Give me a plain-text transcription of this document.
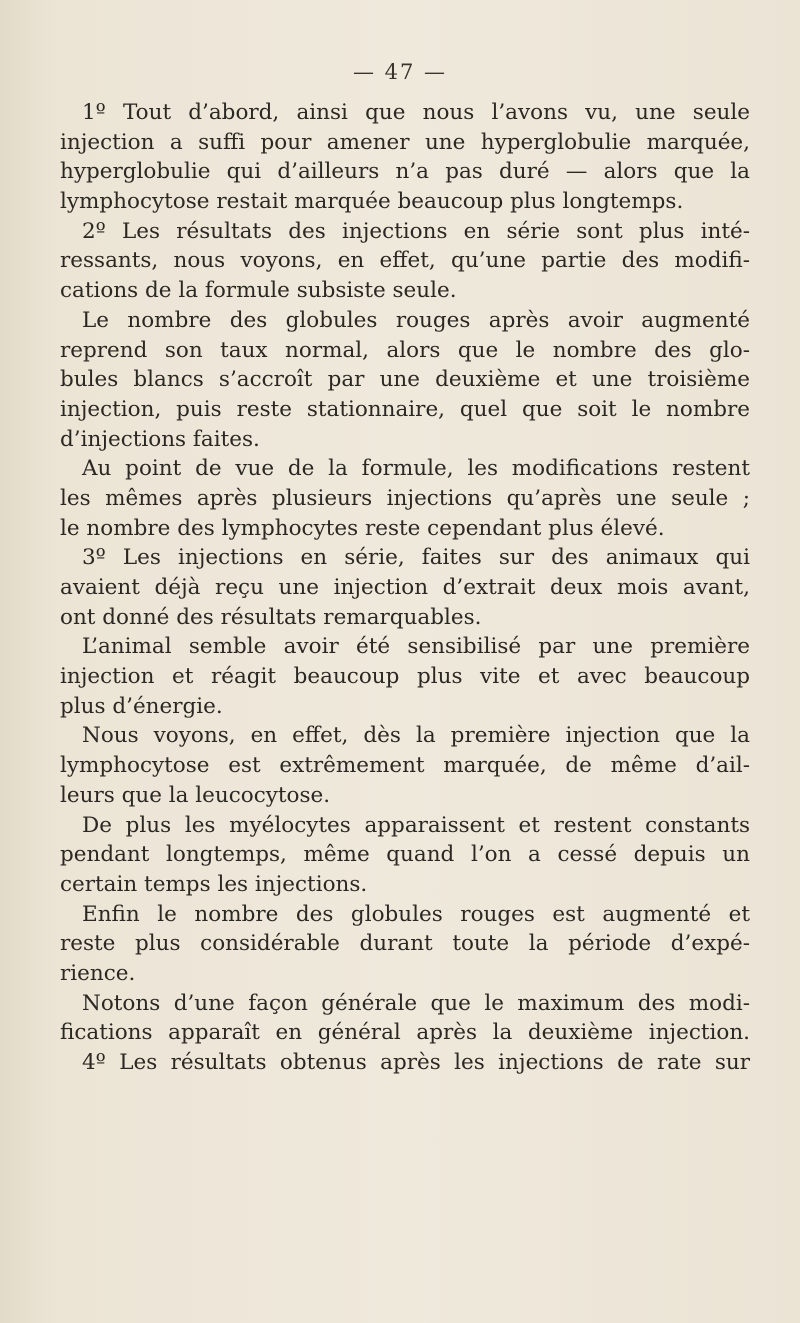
— 47 —
1º Tout d’abord, ainsi que nous l’avons vu, une seule
injection a suffi pour amener une hyperglobulie marquée,
hyperglobulie qui d’ailleurs n’a pas duré — alors que la
lymphocytose restait marquée beaucoup plus longtemps.
2º Les résultats des injections en série sont plus inté-
ressants, nous voyons, en effet, qu’une partie des modifi-
cations de la formule subsiste seule.
Le nombre des globules rouges après avoir augmenté
reprend son taux normal, alors que le nombre des glo-
bules blancs s’accroît par une deuxième et une troisième
injection, puis reste stationnaire, quel que soit le nombre
d’injections faites.
Au point de vue de la formule, les modifications restent
les mêmes après plusieurs injections qu’après une seule ;
le nombre des lymphocytes reste cependant plus élevé.
3º Les injections en série, faites sur des animaux qui
avaient déjà reçu une injection d’extrait deux mois avant,
ont donné des résultats remarquables.
L’animal semble avoir été sensibilisé par une première
injection et réagit beaucoup plus vite et avec beaucoup
plus d’énergie.
Nous voyons, en effet, dès la première injection que la
lymphocytose est extrêmement marquée, de même d’ail-
leurs que la leucocytose.
De plus les myélocytes apparaissent et restent constants
pendant longtemps, même quand l’on a cessé depuis un
certain temps les injections.
Enfin le nombre des globules rouges est augmenté et
reste plus considérable durant toute la période d’expé-
rience.
Notons d’une façon générale que le maximum des modi-
fications apparaît en général après la deuxième injection.
4º Les résultats obtenus après les injections de rate sur
